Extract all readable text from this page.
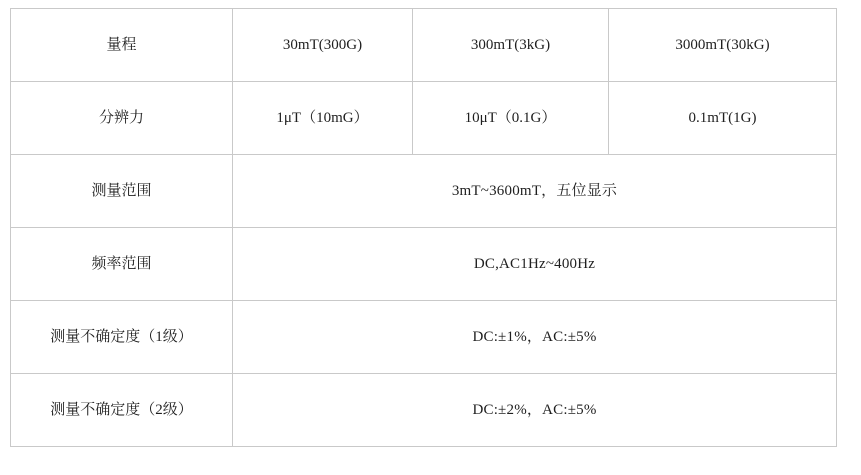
量程	30mT(300G)	300mT(3kG)	3000mT(30kG)
分辨力	1μT（10mG）	10μT（0.1G）	0.1mT(1G)
测量范围	3mT~3600mT，五位显示		
频率范围	DC,AC1Hz~400Hz		
测量不确定度（1级）	DC:±1%，AC:±5%		
测量不确定度（2级）	DC:±2%，AC:±5%		
